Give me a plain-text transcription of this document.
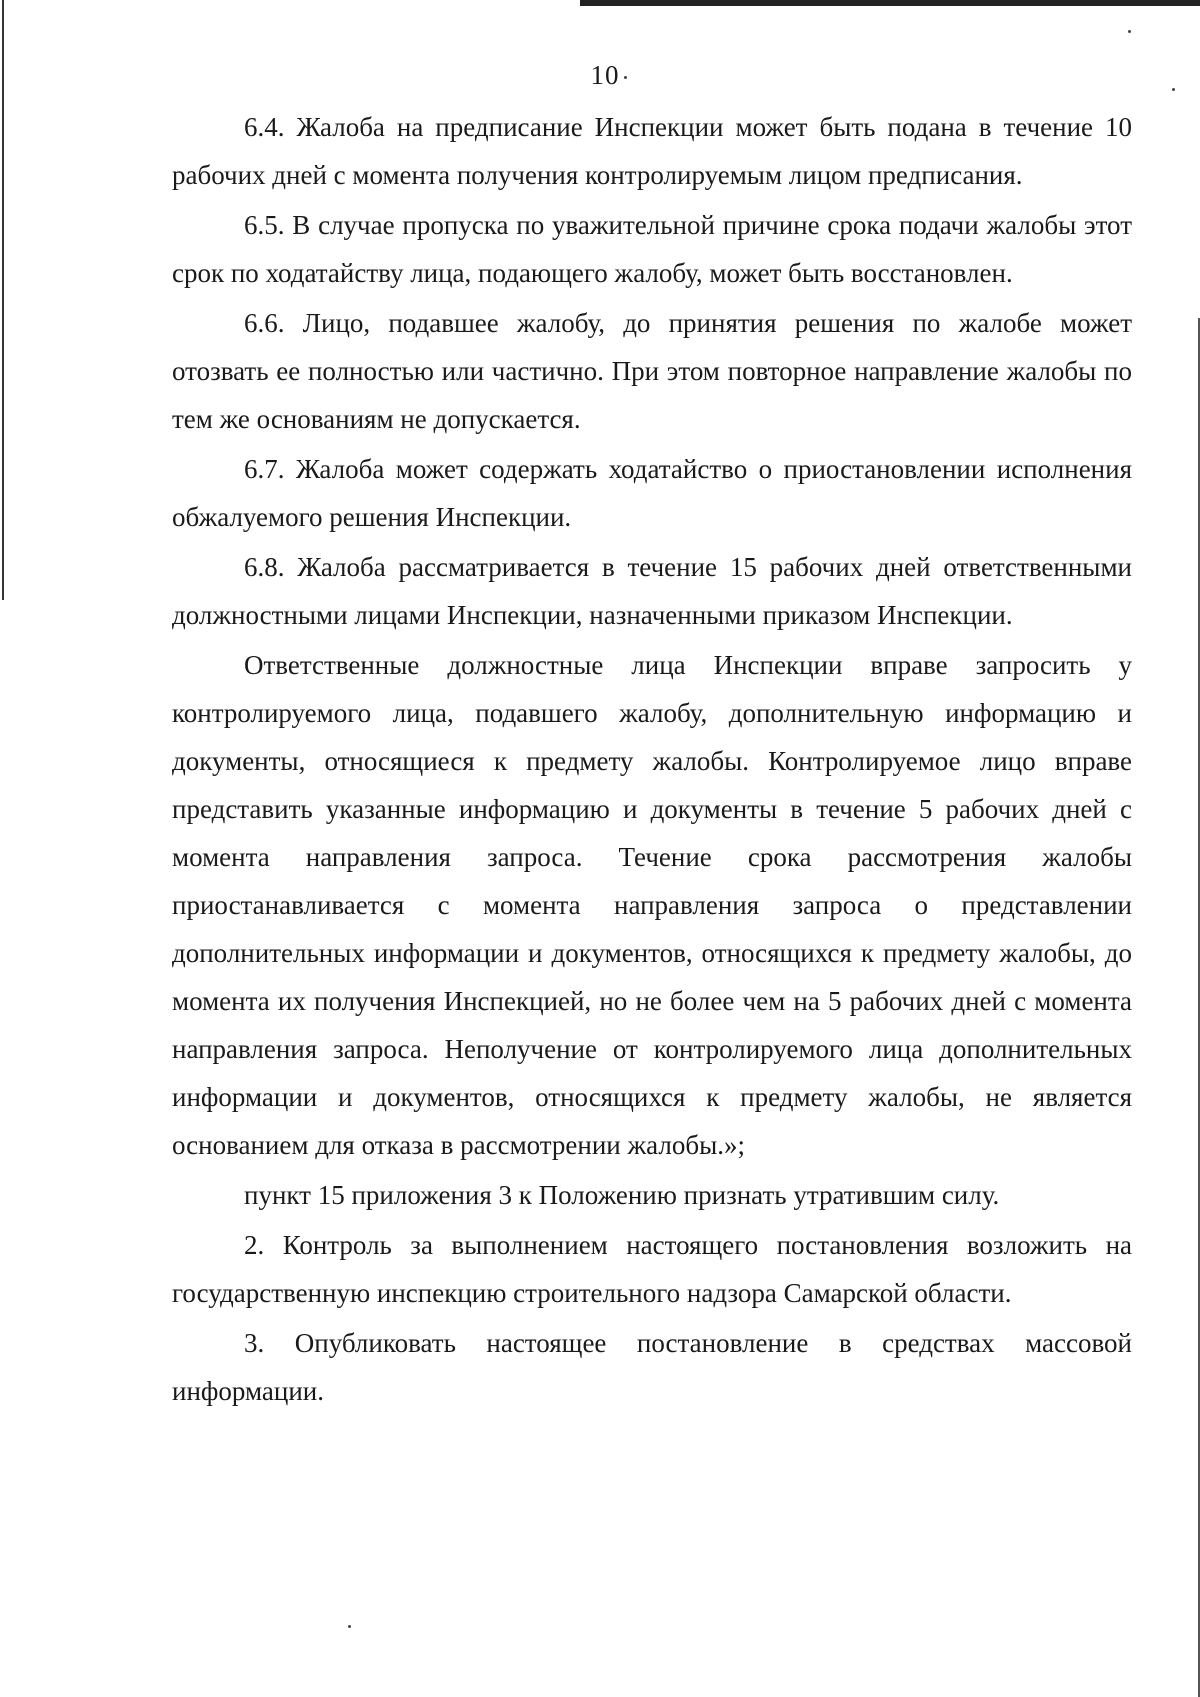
10

6.4. Жалоба на предписание Инспекции может быть подана в течение 10 рабочих дней с момента получения контролируемым лицом предписания.

6.5. В случае пропуска по уважительной причине срока подачи жалобы этот срок по ходатайству лица, подающего жалобу, может быть восстановлен.

6.6. Лицо, подавшее жалобу, до принятия решения по жалобе может отозвать ее полностью или частично. При этом повторное направление жалобы по тем же основаниям не допускается.

6.7. Жалоба может содержать ходатайство о приостановлении исполнения обжалуемого решения Инспекции.

6.8. Жалоба рассматривается в течение 15 рабочих дней ответственными должностными лицами Инспекции, назначенными приказом Инспекции.

Ответственные должностные лица Инспекции вправе запросить у контролируемого лица, подавшего жалобу, дополнительную информацию и документы, относящиеся к предмету жалобы. Контролируемое лицо вправе представить указанные информацию и документы в течение 5 рабочих дней с момента направления запроса. Течение срока рассмотрения жалобы приостанавливается с момента направления запроса о представлении дополнительных информации и документов, относящихся к предмету жалобы, до момента их получения Инспекцией, но не более чем на 5 рабочих дней с момента направления запроса. Неполучение от контролируемого лица дополнительных информации и документов, относящихся к предмету жалобы, не является основанием для отказа в рассмотрении жалобы.»;

пункт 15 приложения 3 к Положению признать утратившим силу.

2. Контроль за выполнением настоящего постановления возложить на государственную инспекцию строительного надзора Самарской области.

3. Опубликовать настоящее постановление в средствах массовой информации.
